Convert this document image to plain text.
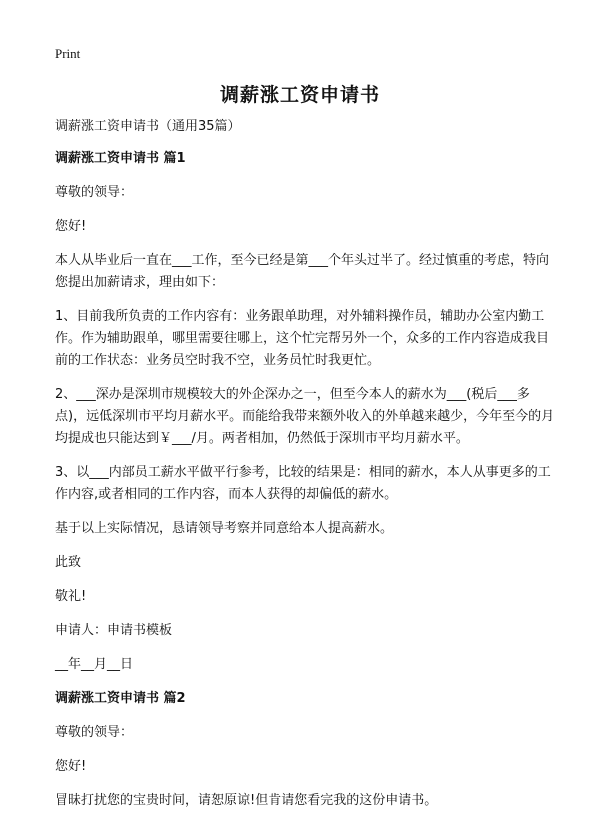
Print
调薪涨工资申请书

调薪涨工资申请书（通用35篇）

调薪涨工资申请书 篇1

尊敬的领导：

您好!

本人从毕业后一直在___工作，至今已经是第___个年头过半了。经过慎重的考虑，特向您提出加薪请求，理由如下：

1、目前我所负责的工作内容有：业务跟单助理，对外辅料操作员，辅助办公室内勤工作。作为辅助跟单，哪里需要往哪上，这个忙完帮另外一个，众多的工作内容造成我目前的工作状态：业务员空时我不空，业务员忙时我更忙。

2、___深办是深圳市规模较大的外企深办之一，但至今本人的薪水为___(税后___多点)，远低深圳市平均月薪水平。而能给我带来额外收入的外单越来越少，今年至今的月均提成也只能达到￥___/月。两者相加，仍然低于深圳市平均月薪水平。

3、以___内部员工薪水平做平行参考，比较的结果是：相同的薪水，本人从事更多的工作内容,或者相同的工作内容，而本人获得的却偏低的薪水。

基于以上实际情况，恳请领导考察并同意给本人提高薪水。

此致

敬礼!

申请人：申请书模板

__年__月__日

调薪涨工资申请书 篇2

尊敬的领导：

您好!

冒昧打扰您的宝贵时间，请恕原谅!但肯请您看完我的这份申请书。
